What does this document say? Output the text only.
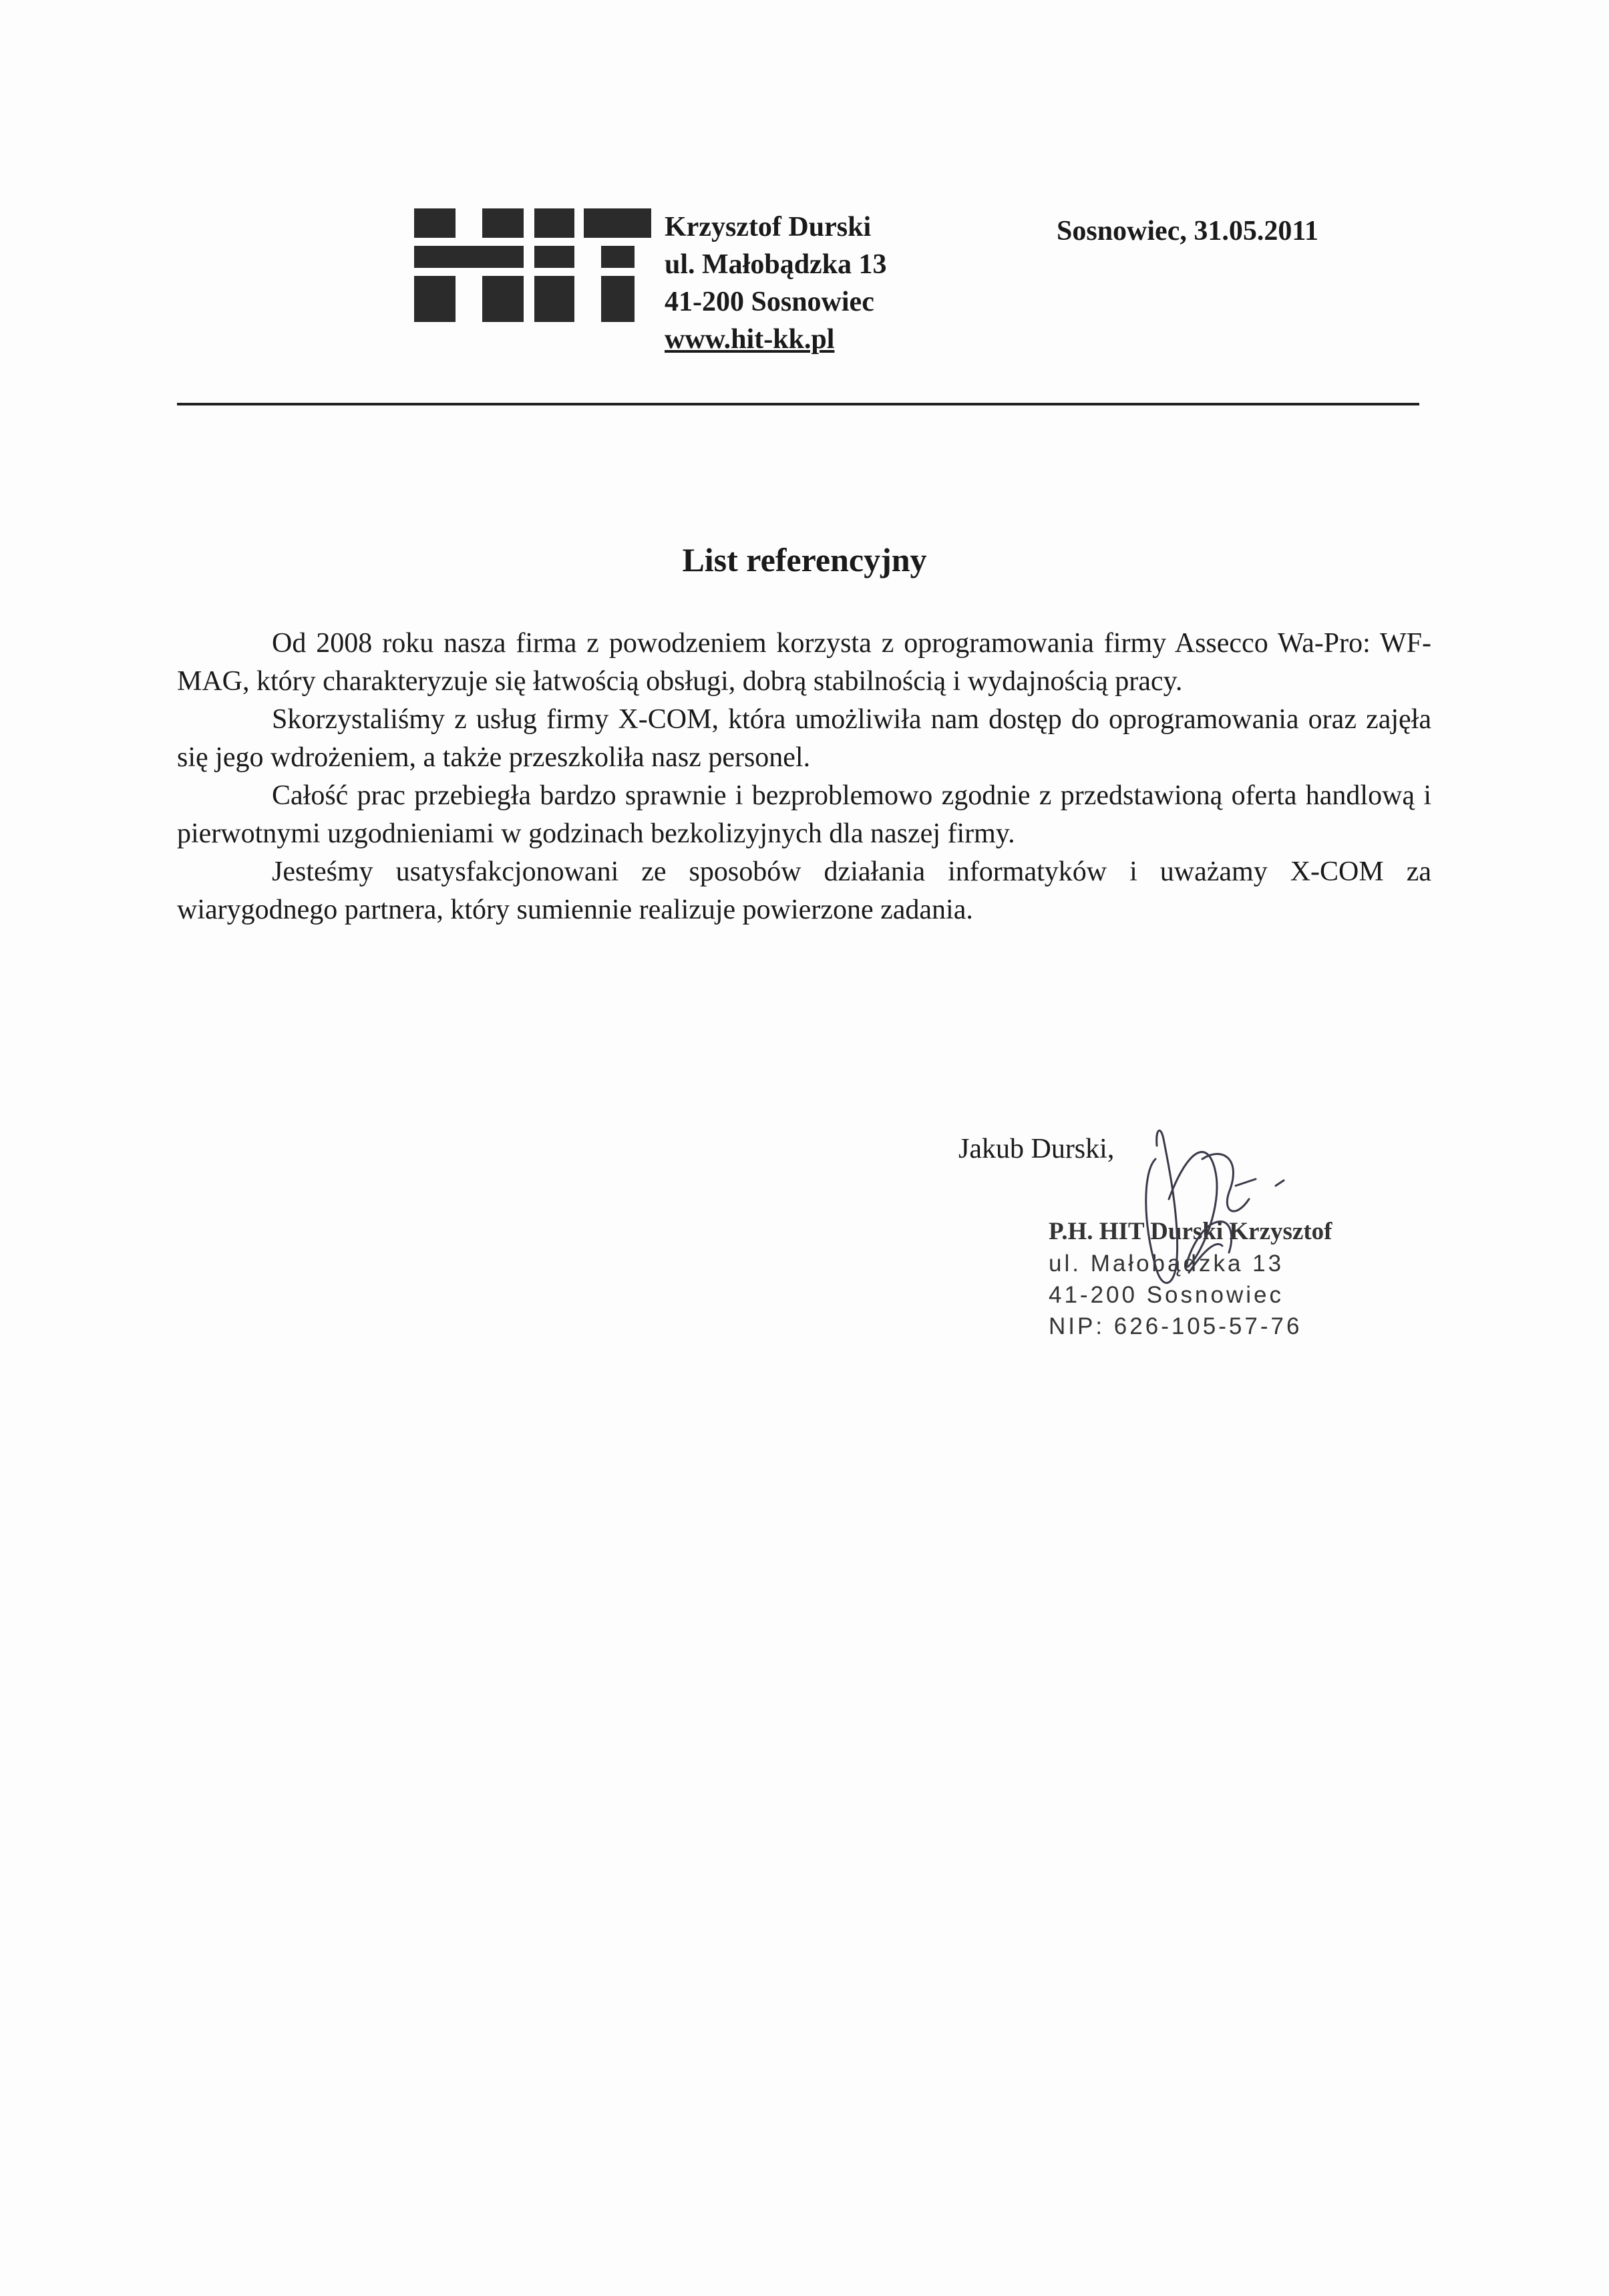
Krzysztof Durski
ul. Małobądzka 13
41-200 Sosnowiec
www.hit-kk.pl
Sosnowiec, 31.05.2011
List referencyjny

Od 2008 roku nasza firma z powodzeniem korzysta z oprogramowania firmy Assecco Wa-Pro: WF-MAG, który charakteryzuje się łatwością obsługi, dobrą stabilnością i wydajnością pracy.

Skorzystaliśmy z usług firmy X-COM, która umożliwiła nam dostęp do oprogramowania oraz zajęła się jego wdrożeniem, a także przeszkoliła nasz personel.

Całość prac przebiegła bardzo sprawnie i bezproblemowo zgodnie z przedstawioną oferta handlową i pierwotnymi uzgodnieniami w godzinach bezkolizyjnych dla naszej firmy.

Jesteśmy usatysfakcjonowani ze sposobów działania informatyków i uważamy X-COM za wiarygodnego partnera, który sumiennie realizuje powierzone zadania.

Jakub Durski,
P.H. HIT Durski Krzysztof
ul. Małobądzka 13
41-200 Sosnowiec
NIP: 626-105-57-76
